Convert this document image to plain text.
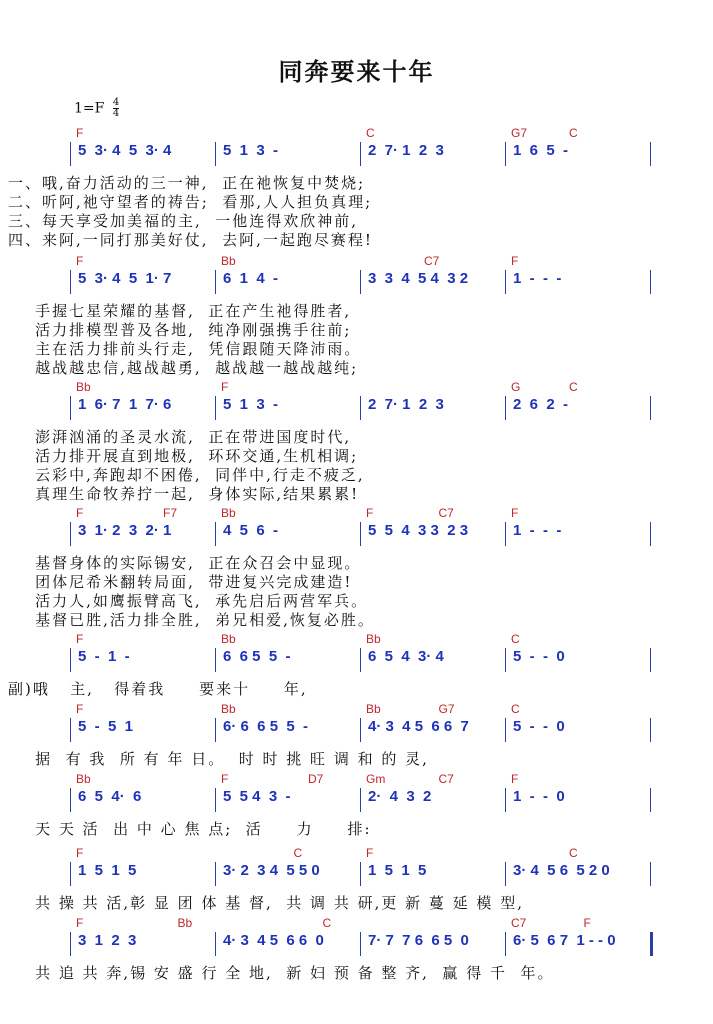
同奔要来十年
$1=F \frac{4}{4}$
F	C	G7	C
5  3· 4  5  3· 4	5  1  3  -	2  7· 1  2  3	1  6  5  -
一、哦,奋力活动的三一神,  正在祂恢复中焚烧;
二、听阿,祂守望者的祷告;  看那,人人担负真理;
三、每天享受加美福的主,  一他连得欢欣神前,
四、来阿,一同打那美好仗,  去阿,一起跑尽赛程!
F	Bb	C7	F
5  3· 4  5  1· 7	6  1  4  -	3  3  4  5 4  3 2	1  -  -  -
手握七星荣耀的基督,  正在产生祂得胜者,
活力排模型普及各地,  纯净刚强携手往前;
主在活力排前头行走,  凭信跟随天降沛雨。
越战越忠信,越战越勇,  越战越一越战越纯;
Bb	F	G	C
1  6· 7  1  7· 6	5  1  3  -	2  7· 1  2  3	2  6  2  -
澎湃汹涌的圣灵水流,  正在带进国度时代,
活力排开展直到地极,  环环交通,生机相调;
云彩中,奔跑却不困倦,  同伴中,行走不疲乏,
真理生命牧养拧一起,  身体实际,结果累累!
F	F7	Bb	F	C7	F
3  1· 2  3  2· 1	4  5  6  -	5  5  4  3 3  2 3	1  -  -  -
基督身体的实际锡安,  正在众召会中显现。
团体尼希米翻转局面,  带进复兴完成建造!
活力人,如鹰振臂高飞,  承先启后两营军兵。
基督已胜,活力排全胜,  弟兄相爱,恢复必胜。
F	Bb	Bb	C
5  -  1  -	6  6 5  5  -	6  5  4  3· 4	5  -  -  0
副)哦   主,   得着我     要来十     年,
F	Bb	Bb	G7	C
5  -  5  1	6· 6  6 5  5  -	4· 3  4 5  6 6  7	5  -  -  0
据  有 我  所 有 年 日。  时 时 挑 旺 调 和 的 灵,
Bb	F	D7	Gm	C7	F
6  5  4·  6	5  5 4  3  -	2·  4  3  2	1  -  -  0
天 天 活  出 中 心 焦 点;  活     力     排:
F	C	F	C
1  5  1  5	3· 2  3 4  5 5 0	1  5  1  5	3· 4  5 6  5 2 0
共 操 共 活,彰 显 团 体 基 督,  共 调 共 研,更 新 蔓 延 模 型,
F	Bb	C	C7	F
3  1  2  3	4· 3  4 5  6 6  0	7· 7  7 6  6 5  0	6· 5  6 7  1 - - 0
共 追 共 奔,锡 安 盛 行 全 地,  新 妇 预 备 整 齐,  赢 得 千  年。
